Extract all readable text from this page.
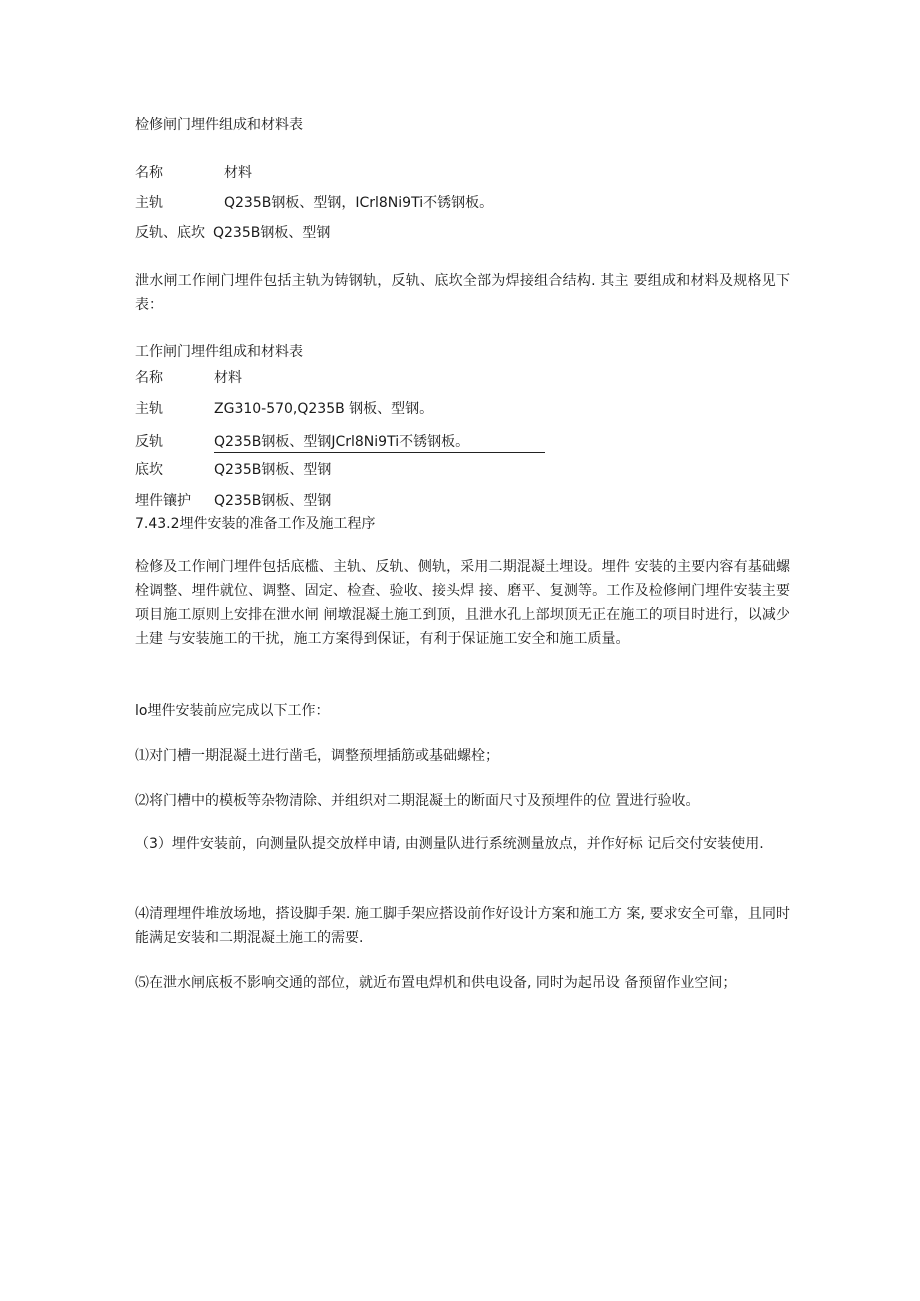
检修闸门埋件组成和材料表
名称	材料
主轨	Q235B钢板、型钢，ICrl8Ni9Ti不锈钢板。
反轨、底坎 Q235B钢板、型钢
泄水闸工作闸门埋件包括主轨为铸钢轨，反轨、底坎全部为焊接组合结构. 其主 要组成和材料及规格见下表：
工作闸门埋件组成和材料表
名称	材料
主轨	ZG310-570,Q235B 钢板、型钢。
反轨	Q235B钢板、型钢JCrl8Ni9Ti不锈钢板。
底坎	Q235B钢板、型钢
埋件镶护 Q235B钢板、型钢
7.43.2埋件安装的准备工作及施工程序
检修及工作闸门埋件包括底槛、主轨、反轨、侧轨，采用二期混凝土埋设。埋件 安装的主要内容有基础螺栓调整、埋件就位、调整、固定、检查、验收、接头焊 接、磨平、复测等。工作及检修闸门埋件安装主要项目施工原则上安排在泄水闸 闸墩混凝土施工到顶，且泄水孔上部坝顶无正在施工的项目时进行，以减少土建 与安装施工的干扰，施工方案得到保证，有利于保证施工安全和施工质量。
lo埋件安装前应完成以下工作：
⑴对门槽一期混凝土进行凿毛，调整预埋插筋或基础螺栓；
⑵将门槽中的模板等杂物清除、并组织对二期混凝土的断面尺寸及预埋件的位 置进行验收。
（3）埋件安装前，向测量队提交放样申请, 由测量队进行系统测量放点，并作好标 记后交付安装使用.
⑷清理埋件堆放场地，搭设脚手架. 施工脚手架应搭设前作好设计方案和施工方 案, 要求安全可靠，且同时能满足安装和二期混凝土施工的需要.
⑸在泄水闸底板不影响交通的部位，就近布置电焊机和供电设备, 同时为起吊设 备预留作业空间；
